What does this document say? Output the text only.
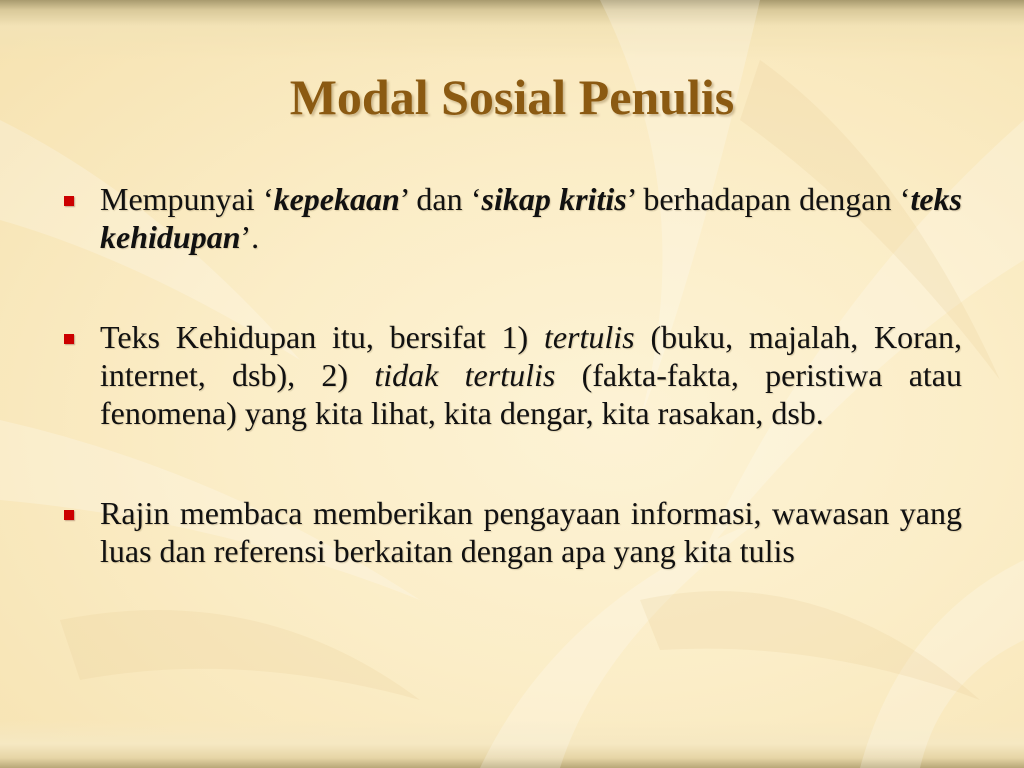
Modal Sosial Penulis
Mempunyai ‘kepekaan’ dan ‘sikap kritis’ berhadapan dengan ‘teks kehidupan’.
Teks Kehidupan itu, bersifat 1) tertulis (buku, majalah, Koran, internet, dsb), 2) tidak tertulis (fakta-fakta, peristiwa atau fenomena) yang kita lihat, kita dengar, kita rasakan, dsb.
Rajin membaca memberikan pengayaan informasi, wawasan yang luas dan referensi berkaitan dengan apa yang kita tulis
